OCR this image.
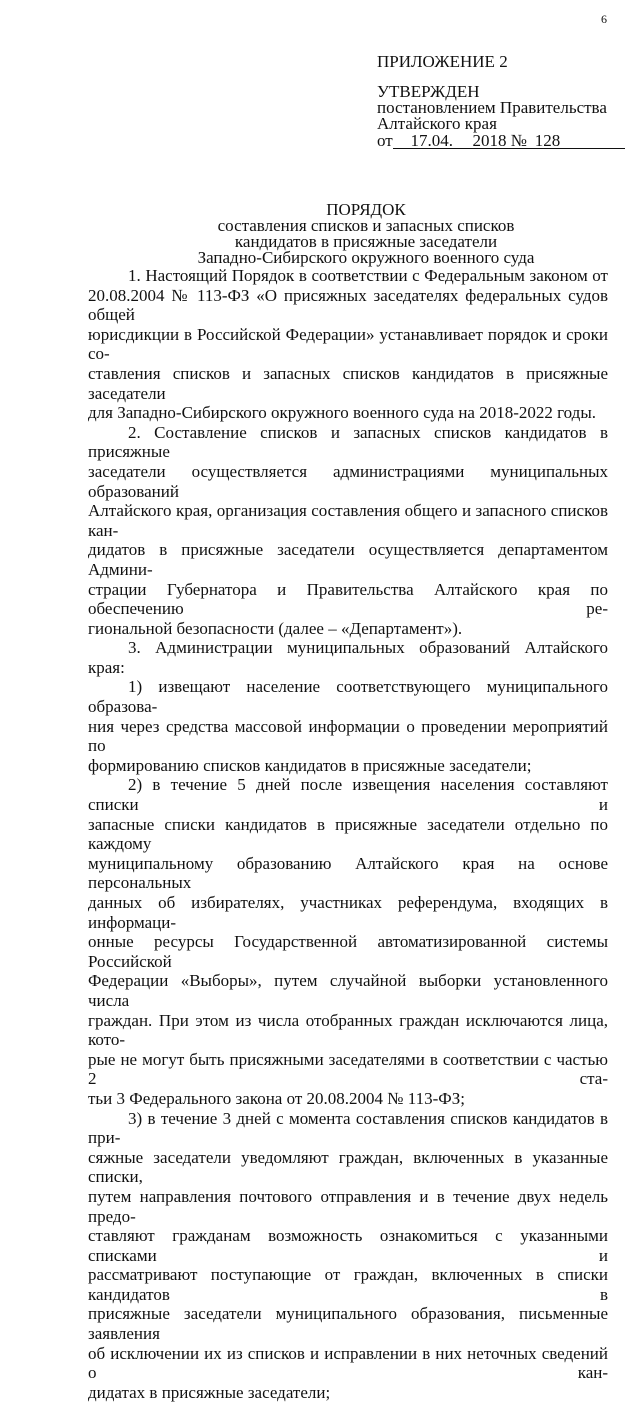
6
ПРИЛОЖЕНИЕ 2
УТВЕРЖДЕН
постановлением Правительства
Алтайского края
от 17.04. 2018 № 128
ПОРЯДОК
составления списков и запасных списков
кандидатов в присяжные заседатели
Западно-Сибирского окружного военного суда

1. Настоящий Порядок в соответствии с Федеральным законом от
20.08.2004 № 113-ФЗ «О присяжных заседателях федеральных судов общей
юрисдикции в Российской Федерации» устанавливает порядок и сроки со-
ставления списков и запасных списков кандидатов в присяжные заседатели
для Западно-Сибирского окружного военного суда на 2018-2022 годы.

2. Составление списков и запасных списков кандидатов в присяжные
заседатели осуществляется администрациями муниципальных образований
Алтайского края, организация составления общего и запасного списков кан-
дидатов в присяжные заседатели осуществляется департаментом Админи-
страции Губернатора и Правительства Алтайского края по обеспечению ре-
гиональной безопасности (далее – «Департамент»).

3. Администрации муниципальных образований Алтайского края:

1) извещают население соответствующего муниципального образова-
ния через средства массовой информации о проведении мероприятий по
формированию списков кандидатов в присяжные заседатели;

2) в течение 5 дней после извещения населения составляют списки и
запасные списки кандидатов в присяжные заседатели отдельно по каждому
муниципальному образованию Алтайского края на основе персональных
данных об избирателях, участниках референдума, входящих в информаци-
онные ресурсы Государственной автоматизированной системы Российской
Федерации «Выборы», путем случайной выборки установленного числа
граждан. При этом из числа отобранных граждан исключаются лица, кото-
рые не могут быть присяжными заседателями в соответствии с частью 2 ста-
тьи 3 Федерального закона от 20.08.2004 № 113-ФЗ;

3) в течение 3 дней с момента составления списков кандидатов в при-
сяжные заседатели уведомляют граждан, включенных в указанные списки,
путем направления почтового отправления и в течение двух недель предо-
ставляют гражданам возможность ознакомиться с указанными списками и
рассматривают поступающие от граждан, включенных в списки кандидатов в
присяжные заседатели муниципального образования, письменные заявления
об исключении их из списков и исправлении в них неточных сведений о кан-
дидатах в присяжные заседатели;
